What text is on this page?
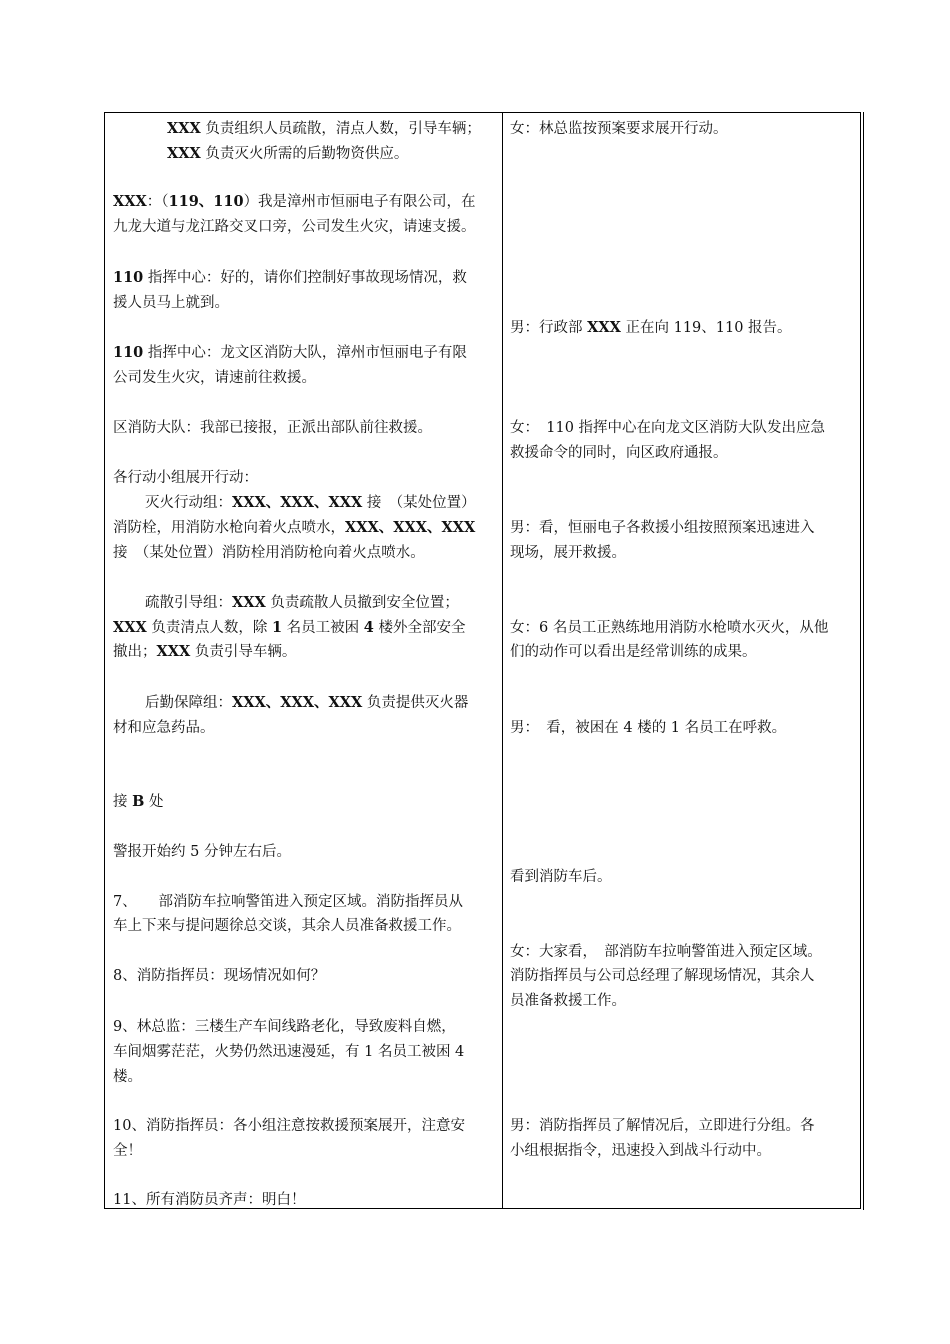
XXX 负责组织人员疏散，清点人数，引导车辆；
XXX 负责灭火所需的后勤物资供应。
XXX：（119、110）我是漳州市恒丽电子有限公司，在
九龙大道与龙江路交叉口旁，公司发生火灾，请速支援。
110 指挥中心：好的，请你们控制好事故现场情况，救
援人员马上就到。
110 指挥中心：龙文区消防大队，漳州市恒丽电子有限
公司发生火灾，请速前往救援。
区消防大队：我部已接报，正派出部队前往救援。
各行动小组展开行动：
灭火行动组：XXX、XXX、XXX 接　（某处位置）
消防栓，用消防水枪向着火点喷水，XXX、XXX、XXX
接　（某处位置）消防栓用消防枪向着火点喷水。
疏散引导组：XXX 负责疏散人员撤到安全位置；
XXX 负责清点人数，除 1 名员工被困 4 楼外全部安全
撤出；XXX 负责引导车辆。
后勤保障组：XXX、XXX、XXX 负责提供灭火器
材和应急药品。
接 B 处
警报开始约 5 分钟左右后。
7、　　部消防车拉响警笛进入预定区域。消防指挥员从
车上下来与提问题徐总交谈，其余人员准备救援工作。
8、消防指挥员：现场情况如何？
9、林总监：三楼生产车间线路老化，导致废料自燃，
车间烟雾茫茫，火势仍然迅速漫延，有 1 名员工被困 4
楼。
10、消防指挥员：各小组注意按救援预案展开，注意安
全！
11、所有消防员齐声：明白！
女：林总监按预案要求展开行动。
男：行政部 XXX 正在向 119、110 报告。
女：　110 指挥中心在向龙文区消防大队发出应急
救援命令的同时，向区政府通报。
男：看，恒丽电子各救援小组按照预案迅速进入
现场，展开救援。
女：6 名员工正熟练地用消防水枪喷水灭火，从他
们的动作可以看出是经常训练的成果。
男：　看，被困在 4 楼的 1 名员工在呼救。
看到消防车后。
女：大家看，　部消防车拉响警笛进入预定区域。
消防指挥员与公司总经理了解现场情况，其余人
员准备救援工作。
男：消防指挥员了解情况后，立即进行分组。各
小组根据指令，迅速投入到战斗行动中。
